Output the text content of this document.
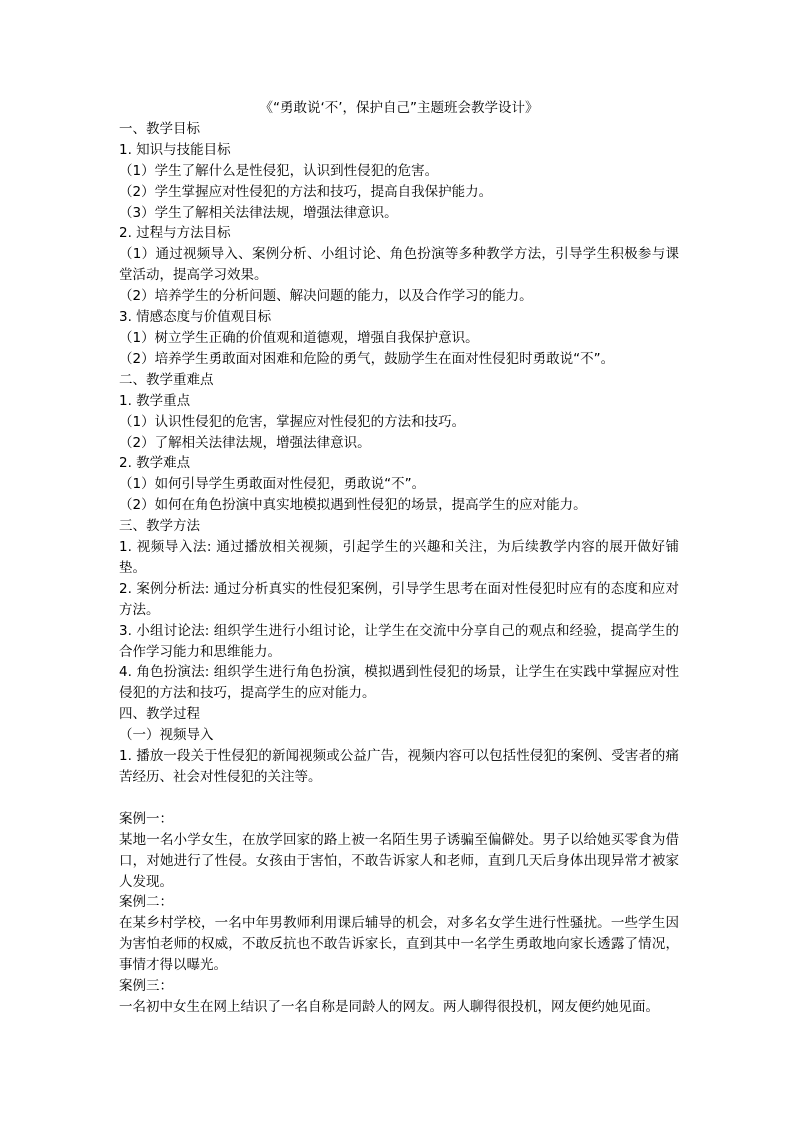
《“勇敢说‘不’，保护自己”主题班会教学设计》

一、教学目标

1. 知识与技能目标

（1）学生了解什么是性侵犯，认识到性侵犯的危害。

（2）学生掌握应对性侵犯的方法和技巧，提高自我保护能力。

（3）学生了解相关法律法规，增强法律意识。

2. 过程与方法目标

（1）通过视频导入、案例分析、小组讨论、角色扮演等多种教学方法，引导学生积极参与课堂活动，提高学习效果。

（2）培养学生的分析问题、解决问题的能力，以及合作学习的能力。

3. 情感态度与价值观目标

（1）树立学生正确的价值观和道德观，增强自我保护意识。

（2）培养学生勇敢面对困难和危险的勇气，鼓励学生在面对性侵犯时勇敢说“不”。

二、教学重难点

1. 教学重点

（1）认识性侵犯的危害，掌握应对性侵犯的方法和技巧。

（2）了解相关法律法规，增强法律意识。

2. 教学难点

（1）如何引导学生勇敢面对性侵犯，勇敢说“不”。

（2）如何在角色扮演中真实地模拟遇到性侵犯的场景，提高学生的应对能力。

三、教学方法

1. 视频导入法: 通过播放相关视频，引起学生的兴趣和关注，为后续教学内容的展开做好铺垫。

2. 案例分析法: 通过分析真实的性侵犯案例，引导学生思考在面对性侵犯时应有的态度和应对方法。

3. 小组讨论法: 组织学生进行小组讨论，让学生在交流中分享自己的观点和经验，提高学生的合作学习能力和思维能力。

4. 角色扮演法: 组织学生进行角色扮演，模拟遇到性侵犯的场景，让学生在实践中掌握应对性侵犯的方法和技巧，提高学生的应对能力。

四、教学过程

（一）视频导入

1. 播放一段关于性侵犯的新闻视频或公益广告，视频内容可以包括性侵犯的案例、受害者的痛苦经历、社会对性侵犯的关注等。

案例一：

某地一名小学女生，在放学回家的路上被一名陌生男子诱骗至偏僻处。男子以给她买零食为借口，对她进行了性侵。女孩由于害怕，不敢告诉家人和老师，直到几天后身体出现异常才被家人发现。

案例二：

在某乡村学校，一名中年男教师利用课后辅导的机会，对多名女学生进行性骚扰。一些学生因为害怕老师的权威，不敢反抗也不敢告诉家长，直到其中一名学生勇敢地向家长透露了情况，事情才得以曝光。

案例三：

一名初中女生在网上结识了一名自称是同龄人的网友。两人聊得很投机，网友便约她见面。
